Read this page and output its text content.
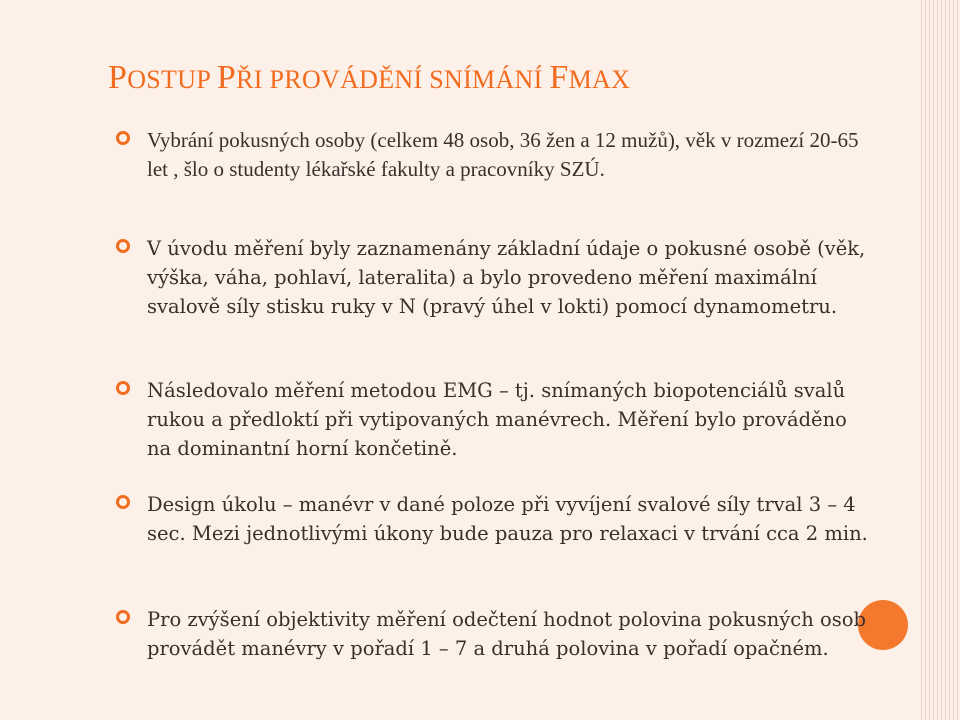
POSTUP PŘI PROVÁDĚNÍ SNÍMÁNÍ FMAX
Vybrání pokusných osoby (celkem 48 osob, 36 žen a 12 mužů), věk v rozmezí 20-65 let , šlo o studenty lékařské fakulty a pracovníky SZÚ.
V úvodu měření byly zaznamenány základní údaje o pokusné osobě (věk, výška, váha, pohlaví, lateralita) a bylo provedeno měření maximální svalově síly stisku ruky v N (pravý úhel v lokti) pomocí dynamometru.
Následovalo měření metodou EMG – tj. snímaných biopotenciálů svalů rukou a předloktí při vytipovaných manévrech. Měření bylo prováděno na dominantní horní končetině.
Design úkolu – manévr v dané poloze při vyvíjení svalové síly trval 3 – 4 sec. Mezi jednotlivými úkony bude pauza pro relaxaci v trvání cca 2 min.
Pro zvýšení objektivity měření odečtení hodnot polovina pokusných osob provádět manévry v pořadí 1 – 7 a druhá polovina v pořadí opačném.
